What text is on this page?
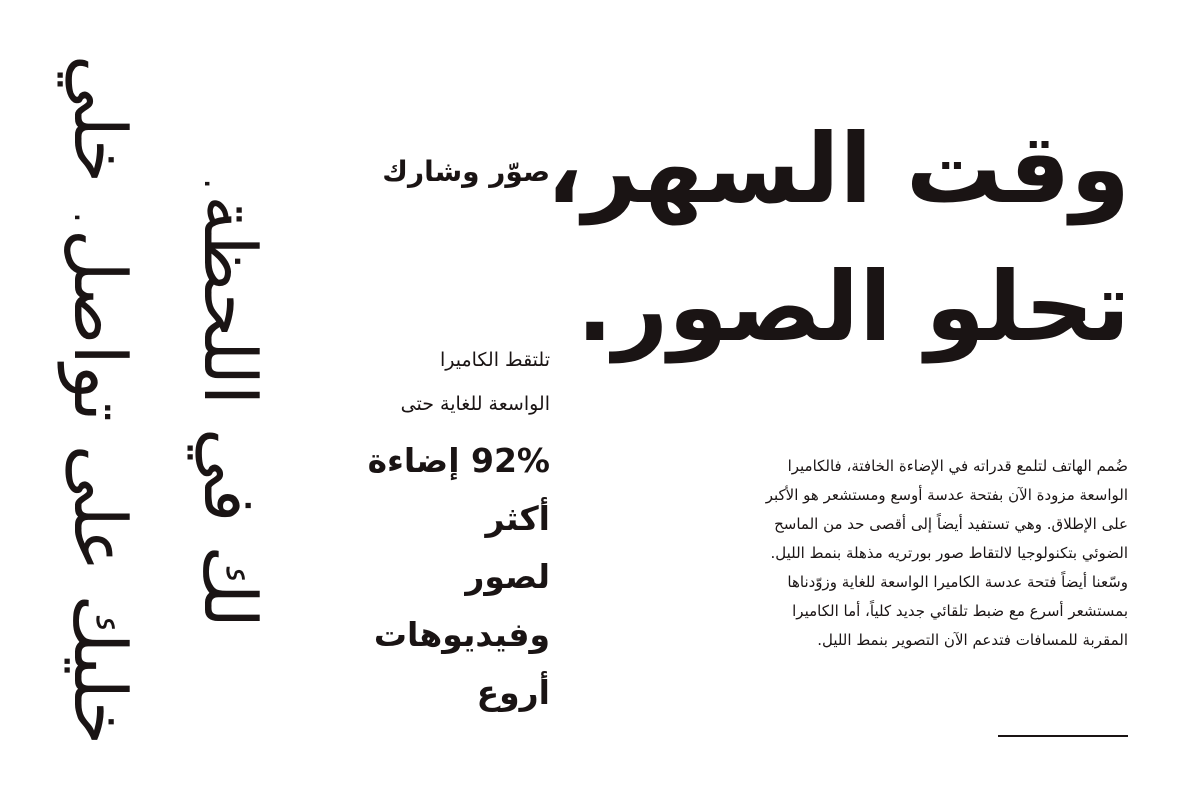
خليك على تواصل. خلي لك في اللحظة.
وقت السهر،
تحلو الصور.
صوّر وشارك
تلتقط الكاميرا
الواسعة للغاية حتى
92% إضاءة
أكثر
لصور
وفيديوهات
أروع
ضُمم الهاتف لتلمع قدراته في الإضاءة الخافتة، فالكاميرا
الواسعة مزودة الآن بفتحة عدسة أوسع ومستشعر هو الأكبر
على الإطلاق. وهي تستفيد أيضاً إلى أقصى حد من الماسح
الضوئي بتكنولوجيا لالتقاط صور بورتريه مذهلة بنمط الليل.
وسّعنا أيضاً فتحة عدسة الكاميرا الواسعة للغاية وزوّدناها
بمستشعر أسرع مع ضبط تلقائي جديد كلياً، أما الكاميرا
المقربة للمسافات فتدعم الآن التصوير بنمط الليل.
